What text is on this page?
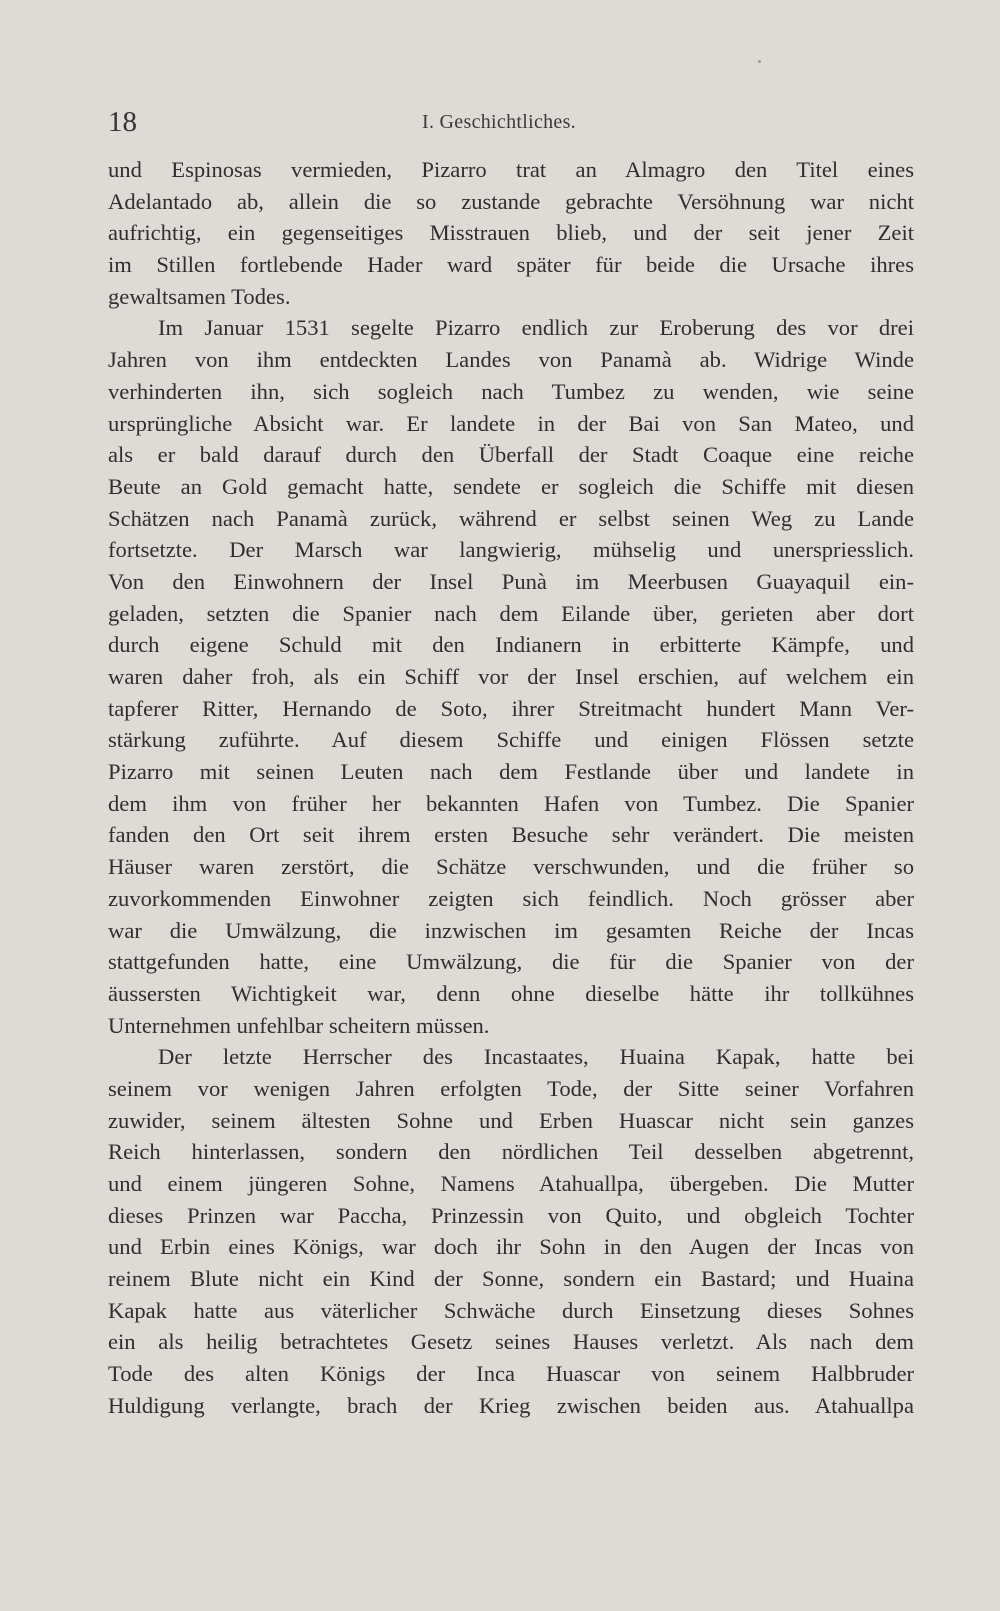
18	I. Geschichtliches.
und Espinosas vermieden, Pizarro trat an Almagro den Titel eines
Adelantado ab, allein die so zustande gebrachte Versöhnung war nicht
aufrichtig, ein gegenseitiges Misstrauen blieb, und der seit jener Zeit
im Stillen fortlebende Hader ward später für beide die Ursache ihres
gewaltsamen Todes.
Im Januar 1531 segelte Pizarro endlich zur Eroberung des vor drei
Jahren von ihm entdeckten Landes von Panamà ab. Widrige Winde
verhinderten ihn, sich sogleich nach Tumbez zu wenden, wie seine
ursprüngliche Absicht war. Er landete in der Bai von San Mateo, und
als er bald darauf durch den Überfall der Stadt Coaque eine reiche
Beute an Gold gemacht hatte, sendete er sogleich die Schiffe mit diesen
Schätzen nach Panamà zurück, während er selbst seinen Weg zu Lande
fortsetzte. Der Marsch war langwierig, mühselig und unerspriesslich.
Von den Einwohnern der Insel Punà im Meerbusen Guayaquil ein-
geladen, setzten die Spanier nach dem Eilande über, gerieten aber dort
durch eigene Schuld mit den Indianern in erbitterte Kämpfe, und
waren daher froh, als ein Schiff vor der Insel erschien, auf welchem ein
tapferer Ritter, Hernando de Soto, ihrer Streitmacht hundert Mann Ver-
stärkung zuführte. Auf diesem Schiffe und einigen Flössen setzte
Pizarro mit seinen Leuten nach dem Festlande über und landete in
dem ihm von früher her bekannten Hafen von Tumbez. Die Spanier
fanden den Ort seit ihrem ersten Besuche sehr verändert. Die meisten
Häuser waren zerstört, die Schätze verschwunden, und die früher so
zuvorkommenden Einwohner zeigten sich feindlich. Noch grösser aber
war die Umwälzung, die inzwischen im gesamten Reiche der Incas
stattgefunden hatte, eine Umwälzung, die für die Spanier von der
äussersten Wichtigkeit war, denn ohne dieselbe hätte ihr tollkühnes
Unternehmen unfehlbar scheitern müssen.
Der letzte Herrscher des Incastaates, Huaina Kapak, hatte bei
seinem vor wenigen Jahren erfolgten Tode, der Sitte seiner Vorfahren
zuwider, seinem ältesten Sohne und Erben Huascar nicht sein ganzes
Reich hinterlassen, sondern den nördlichen Teil desselben abgetrennt,
und einem jüngeren Sohne, Namens Atahuallpa, übergeben. Die Mutter
dieses Prinzen war Paccha, Prinzessin von Quito, und obgleich Tochter
und Erbin eines Königs, war doch ihr Sohn in den Augen der Incas von
reinem Blute nicht ein Kind der Sonne, sondern ein Bastard; und Huaina
Kapak hatte aus väterlicher Schwäche durch Einsetzung dieses Sohnes
ein als heilig betrachtetes Gesetz seines Hauses verletzt. Als nach dem
Tode des alten Königs der Inca Huascar von seinem Halbbruder
Huldigung verlangte, brach der Krieg zwischen beiden aus. Atahuallpa
